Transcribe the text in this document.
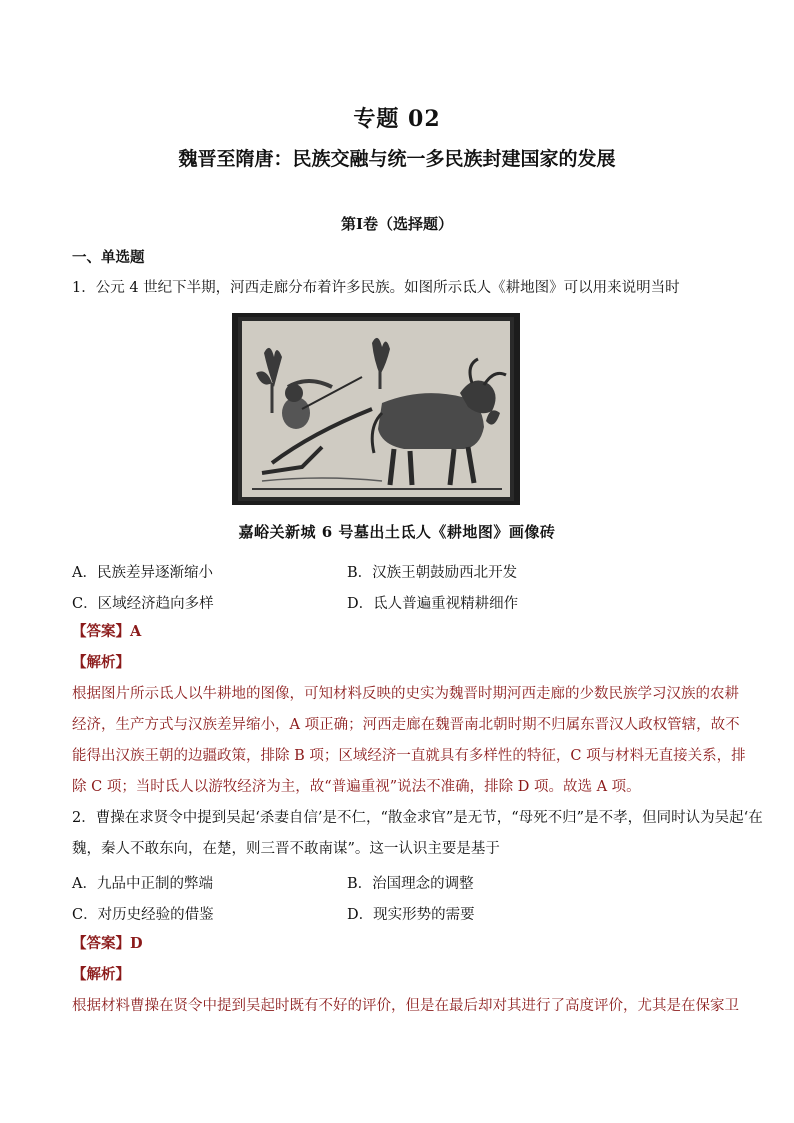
专题 02
魏晋至隋唐：民族交融与统一多民族封建国家的发展
第Ⅰ卷（选择题）
一、单选题
1．公元 4 世纪下半期，河西走廊分布着许多民族。如图所示氐人《耕地图》可以用来说明当时
嘉峪关新城 6 号墓出土氐人《耕地图》画像砖
A．民族差异逐渐缩小	B．汉族王朝鼓励西北开发
C．区域经济趋向多样	D．氐人普遍重视精耕细作
【答案】A
【解析】
根据图片所示氐人以牛耕地的图像，可知材料反映的史实为魏晋时期河西走廊的少数民族学习汉族的农耕
经济，生产方式与汉族差异缩小，A 项正确；河西走廊在魏晋南北朝时期不归属东晋汉人政权管辖，故不
能得出汉族王朝的边疆政策，排除 B 项；区域经济一直就具有多样性的特征，C 项与材料无直接关系，排
除 C 项；当时氐人以游牧经济为主，故“普遍重视”说法不准确，排除 D 项。故选 A 项。
2．曹操在求贤令中提到吴起‘杀妻自信’是不仁，“散金求官”是无节，“母死不归”是不孝，但同时认为吴起‘在
魏，秦人不敢东向，在楚，则三晋不敢南谋”。这一认识主要是基于
A．九品中正制的弊端	B．治国理念的调整
C．对历史经验的借鉴	D．现实形势的需要
【答案】D
【解析】
根据材料曹操在贤令中提到吴起时既有不好的评价，但是在最后却对其进行了高度评价，尤其是在保家卫
